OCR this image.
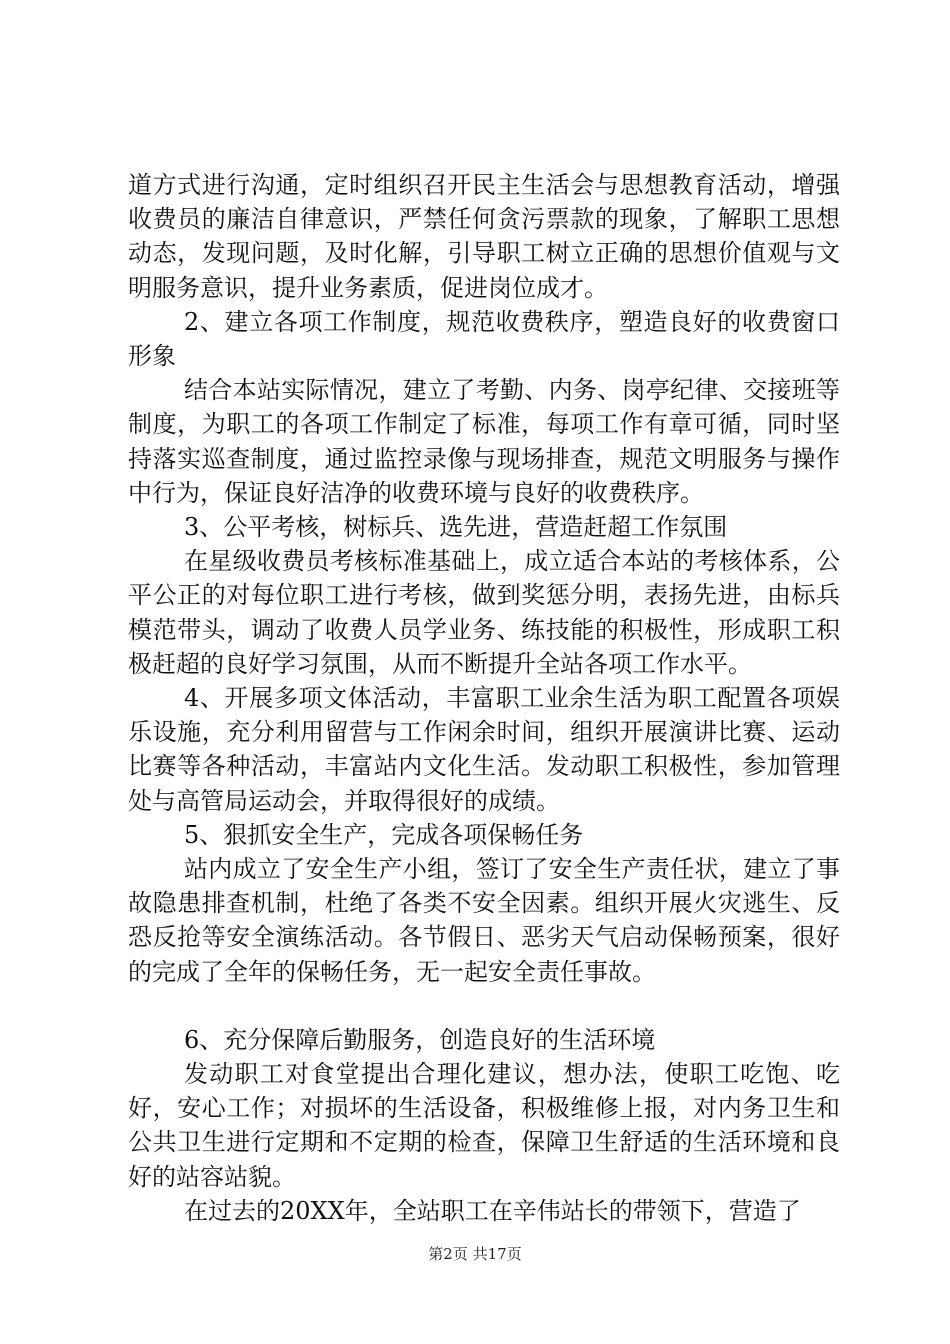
道方式进行沟通，定时组织召开民主生活会与思想教育活动，增强收费员的廉洁自律意识，严禁任何贪污票款的现象，了解职工思想动态，发现问题，及时化解，引导职工树立正确的思想价值观与文明服务意识，提升业务素质，促进岗位成才。

2、建立各项工作制度，规范收费秩序，塑造良好的收费窗口形象

结合本站实际情况，建立了考勤、内务、岗亭纪律、交接班等制度，为职工的各项工作制定了标准，每项工作有章可循，同时坚持落实巡查制度，通过监控录像与现场排查，规范文明服务与操作中行为，保证良好洁净的收费环境与良好的收费秩序。

3、公平考核，树标兵、选先进，营造赶超工作氛围

在星级收费员考核标准基础上，成立适合本站的考核体系，公平公正的对每位职工进行考核，做到奖惩分明，表扬先进，由标兵模范带头，调动了收费人员学业务、练技能的积极性，形成职工积极赶超的良好学习氛围，从而不断提升全站各项工作水平。

4、开展多项文体活动，丰富职工业余生活为职工配置各项娱乐设施，充分利用留营与工作闲余时间，组织开展演讲比赛、运动比赛等各种活动，丰富站内文化生活。发动职工积极性，参加管理处与高管局运动会，并取得很好的成绩。

5、狠抓安全生产，完成各项保畅任务

站内成立了安全生产小组，签订了安全生产责任状，建立了事故隐患排查机制，杜绝了各类不安全因素。组织开展火灾逃生、反恐反抢等安全演练活动。各节假日、恶劣天气启动保畅预案，很好的完成了全年的保畅任务，无一起安全责任事故。

6、充分保障后勤服务，创造良好的生活环境

发动职工对食堂提出合理化建议，想办法，使职工吃饱、吃好，安心工作；对损坏的生活设备，积极维修上报，对内务卫生和公共卫生进行定期和不定期的检查，保障卫生舒适的生活环境和良好的站容站貌。

在过去的20XX年，全站职工在辛伟站长的带领下，营造了

第2页 共17页
